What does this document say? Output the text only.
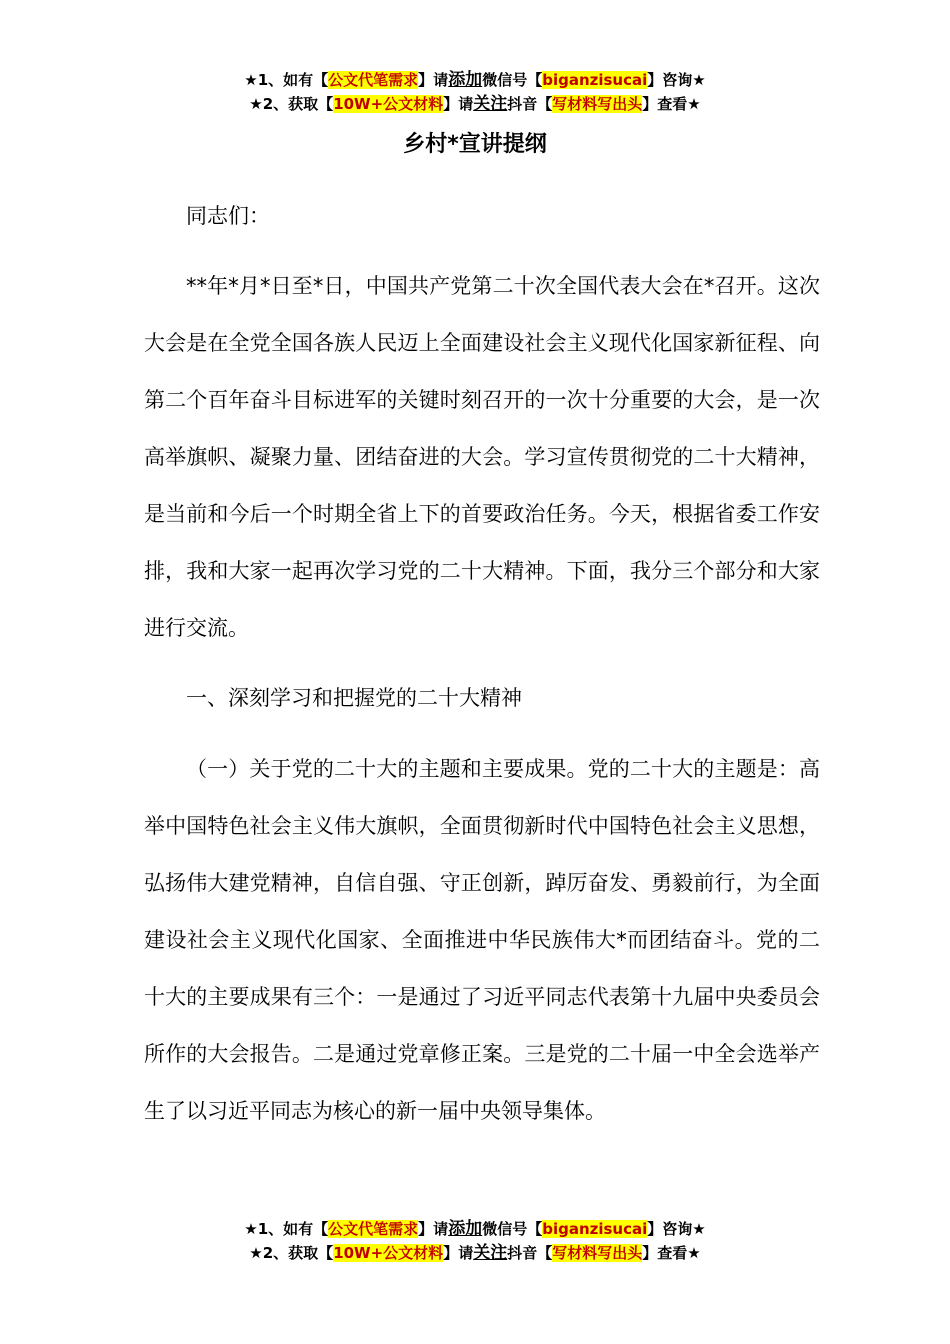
★1、如有【公文代笔需求】请添加微信号【biganzisucai】咨询★
★2、获取【10W+公文材料】请关注抖音【写材料写出头】查看★
乡村*宣讲提纲

同志们：

**年*月*日至*日，中国共产党第二十次全国代表大会在*召开。这次大会是在全党全国各族人民迈上全面建设社会主义现代化国家新征程、向第二个百年奋斗目标进军的关键时刻召开的一次十分重要的大会，是一次高举旗帜、凝聚力量、团结奋进的大会。学习宣传贯彻党的二十大精神，是当前和今后一个时期全省上下的首要政治任务。今天，根据省委工作安排，我和大家一起再次学习党的二十大精神。下面，我分三个部分和大家进行交流。

一、深刻学习和把握党的二十大精神

（一）关于党的二十大的主题和主要成果。党的二十大的主题是：高举中国特色社会主义伟大旗帜，全面贯彻新时代中国特色社会主义思想，弘扬伟大建党精神，自信自强、守正创新，踔厉奋发、勇毅前行，为全面建设社会主义现代化国家、全面推进中华民族伟大*而团结奋斗。党的二十大的主要成果有三个：一是通过了习近平同志代表第十九届中央委员会所作的大会报告。二是通过党章修正案。三是党的二十届一中全会选举产生了以习近平同志为核心的新一届中央领导集体。

★1、如有【公文代笔需求】请添加微信号【biganzisucai】咨询★
★2、获取【10W+公文材料】请关注抖音【写材料写出头】查看★
